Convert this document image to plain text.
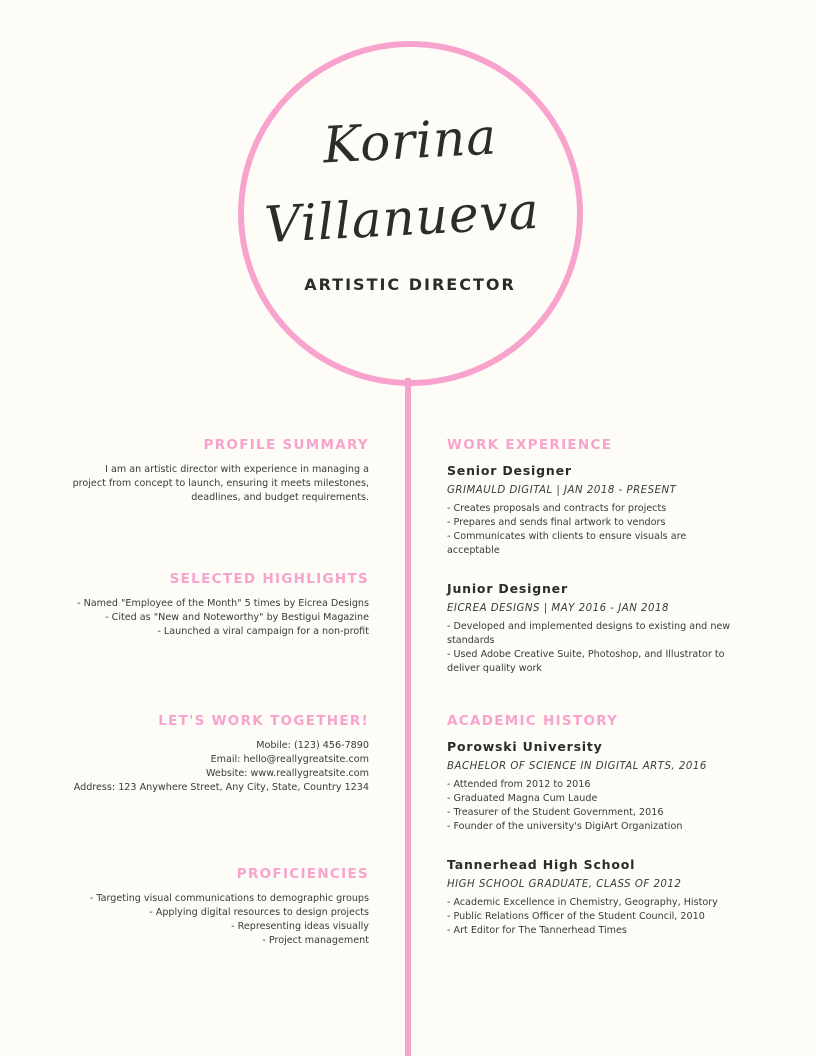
Korina
Villanueva
ARTISTIC DIRECTOR
PROFILE SUMMARY
I am an artistic director with experience in managing a
project from concept to launch, ensuring it meets milestones,
deadlines, and budget requirements.
SELECTED HIGHLIGHTS
- Named "Employee of the Month" 5 times by Eicrea Designs
- Cited as "New and Noteworthy" by Bestigui Magazine
- Launched a viral campaign for a non-profit
LET'S WORK TOGETHER!
Mobile: (123) 456-7890
Email: hello@reallygreatsite.com
Website: www.reallygreatsite.com
Address: 123 Anywhere Street, Any City, State, Country 1234
PROFICIENCIES
- Targeting visual communications to demographic groups
- Applying digital resources to design projects
- Representing ideas visually
- Project management
WORK EXPERIENCE
Senior Designer
GRIMAULD DIGITAL | JAN 2018 - PRESENT
- Creates proposals and contracts for projects
- Prepares and sends final artwork to vendors
- Communicates with clients to ensure visuals are acceptable
Junior Designer
EICREA DESIGNS | MAY 2016 - JAN 2018
- Developed and implemented designs to existing and new standards
- Used Adobe Creative Suite, Photoshop, and Illustrator to deliver quality work
ACADEMIC HISTORY
Porowski University
BACHELOR OF SCIENCE IN DIGITAL ARTS, 2016
- Attended from 2012 to 2016
- Graduated Magna Cum Laude
- Treasurer of the Student Government, 2016
- Founder of the university's DigiArt Organization
Tannerhead High School
HIGH SCHOOL GRADUATE, CLASS OF 2012
- Academic Excellence in Chemistry, Geography, History
- Public Relations Officer of the Student Council, 2010
- Art Editor for The Tannerhead Times
